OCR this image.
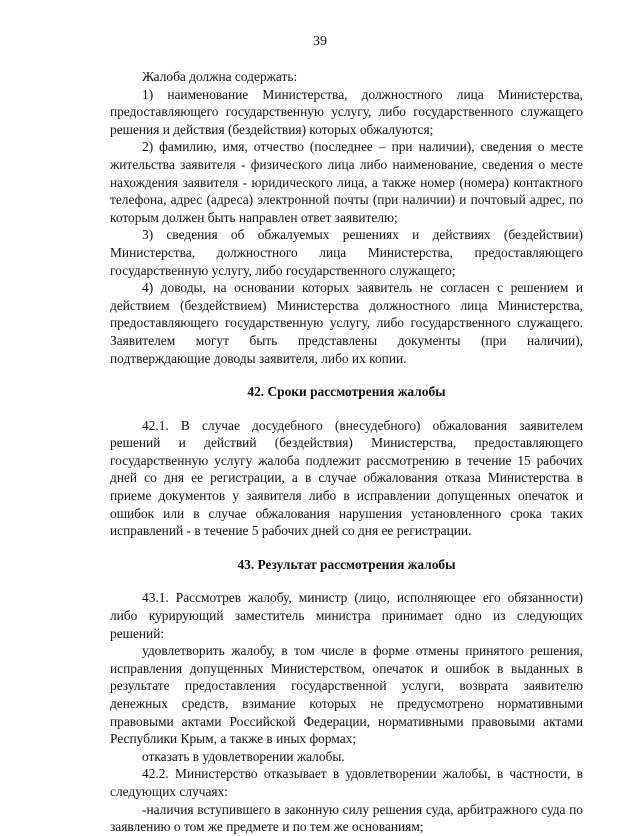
39

Жалоба должна содержать:

1) наименование Министерства, должностного лица Министерства, предоставляющего государственную услугу, либо государственного служащего решения и действия (бездействия) которых обжалуются;

2) фамилию, имя, отчество (последнее – при наличии), сведения о месте жительства заявителя - физического лица либо наименование, сведения о месте нахождения заявителя - юридического лица, а также номер (номера) контактного телефона, адрес (адреса) электронной почты (при наличии) и почтовый адрес, по которым должен быть направлен ответ заявителю;

3) сведения об обжалуемых решениях и действиях (бездействии) Министерства, должностного лица Министерства, предоставляющего государственную услугу, либо государственного служащего;

4) доводы, на основании которых заявитель не согласен с решением и действием (бездействием) Министерства должностного лица Министерства, предоставляющего государственную услугу, либо государственного служащего. Заявителем могут быть представлены документы (при наличии), подтверждающие доводы заявителя, либо их копии.

42. Сроки рассмотрения жалобы

42.1. В случае досудебного (внесудебного) обжалования заявителем решений и действий (бездействия) Министерства, предоставляющего государственную услугу жалоба подлежит рассмотрению в течение 15 рабочих дней со дня ее регистрации, а в случае обжалования отказа Министерства в приеме документов у заявителя либо в исправлении допущенных опечаток и ошибок или в случае обжалования нарушения установленного срока таких исправлений - в течение 5 рабочих дней со дня ее регистрации.

43. Результат рассмотрения жалобы

43.1. Рассмотрев жалобу, министр (лицо, исполняющее его обязанности) либо курирующий заместитель министра принимает одно из следующих решений:

удовлетворить жалобу, в том числе в форме отмены принятого решения, исправления допущенных Министерством, опечаток и ошибок в выданных в результате предоставления государственной услуги, возврата заявителю денежных средств, взимание которых не предусмотрено нормативными правовыми актами Российской Федерации, нормативными правовыми актами Республики Крым, а также в иных формах;

отказать в удовлетворении жалобы.

42.2. Министерство отказывает в удовлетворении жалобы, в частности, в следующих случаях:

-наличия вступившего в законную силу решения суда, арбитражного суда по заявлению о том же предмете и по тем же основаниям;
